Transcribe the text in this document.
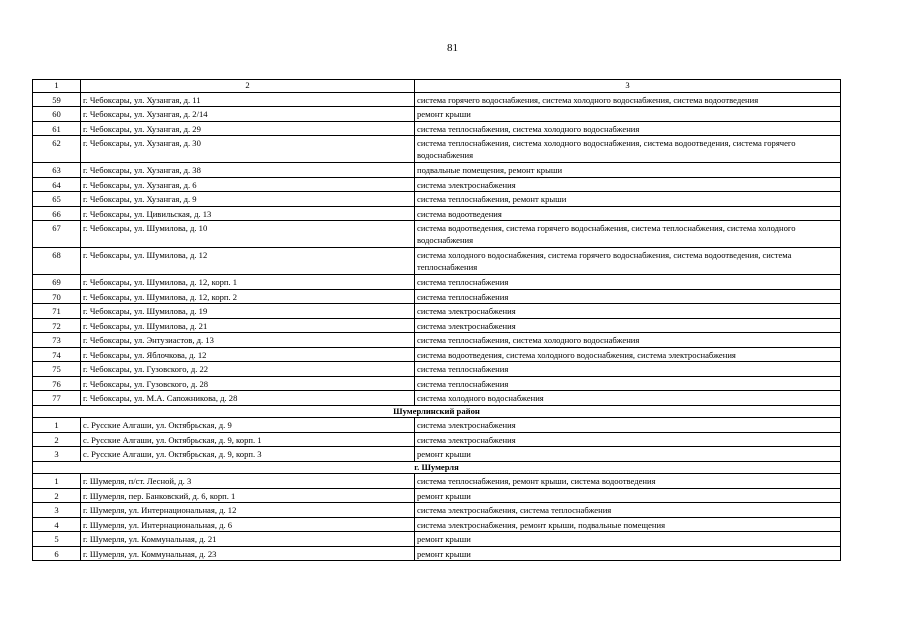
81
1	2	3
59	г. Чебоксары, ул. Хузангая, д. 11	система горячего водоснабжения, система холодного водоснабжения, система водоотведения
60	г. Чебоксары, ул. Хузангая, д. 2/14	ремонт крыши
61	г. Чебоксары, ул. Хузангая, д. 29	система теплоснабжения, система холодного водоснабжения
62	г. Чебоксары, ул. Хузангая, д. 30	система теплоснабжения, система холодного водоснабжения, система водоотведения, система горячего водоснабжения
63	г. Чебоксары, ул. Хузангая, д. 38	подвальные помещения, ремонт крыши
64	г. Чебоксары, ул. Хузангая, д. 6	система электроснабжения
65	г. Чебоксары, ул. Хузангая, д. 9	система теплоснабжения, ремонт крыши
66	г. Чебоксары, ул. Цивильская, д. 13	система водоотведения
67	г. Чебоксары, ул. Шумилова, д. 10	система водоотведения, система горячего водоснабжения, система теплоснабжения, система холодного водоснабжения
68	г. Чебоксары, ул. Шумилова, д. 12	система холодного водоснабжения, система горячего водоснабжения, система водоотведения, система теплоснабжения
69	г. Чебоксары, ул. Шумилова, д. 12, корп. 1	система теплоснабжения
70	г. Чебоксары, ул. Шумилова, д. 12, корп. 2	система теплоснабжения
71	г. Чебоксары, ул. Шумилова, д. 19	система электроснабжения
72	г. Чебоксары, ул. Шумилова, д. 21	система электроснабжения
73	г. Чебоксары, ул. Энтузиастов, д. 13	система теплоснабжения, система холодного водоснабжения
74	г. Чебоксары, ул. Яблочкова, д. 12	система водоотведения, система холодного водоснабжения, система электроснабжения
75	г. Чебоксары, ул. Гузовского, д. 22	система теплоснабжения
76	г. Чебоксары, ул. Гузовского, д. 28	система теплоснабжения
77	г. Чебоксары, ул. М.А. Сапожникова, д. 28	система холодного водоснабжения
Шумерлинский район		
1	с. Русские Алгаши, ул. Октябрьская, д. 9	система электроснабжения
2	с. Русские Алгаши, ул. Октябрьская, д. 9, корп. 1	система электроснабжения
3	с. Русские Алгаши, ул. Октябрьская, д. 9, корп. 3	ремонт крыши
г. Шумерля		
1	г. Шумерля, п/ст. Лесной, д. 3	система теплоснабжения, ремонт крыши, система водоотведения
2	г. Шумерля, пер. Банковский, д. 6, корп. 1	ремонт крыши
3	г. Шумерля, ул. Интернациональная, д. 12	система электроснабжения, система теплоснабжения
4	г. Шумерля, ул. Интернациональная, д. 6	система электроснабжения, ремонт крыши, подвальные помещения
5	г. Шумерля, ул. Коммунальная, д. 21	ремонт крыши
6	г. Шумерля, ул. Коммунальная, д. 23	ремонт крыши
